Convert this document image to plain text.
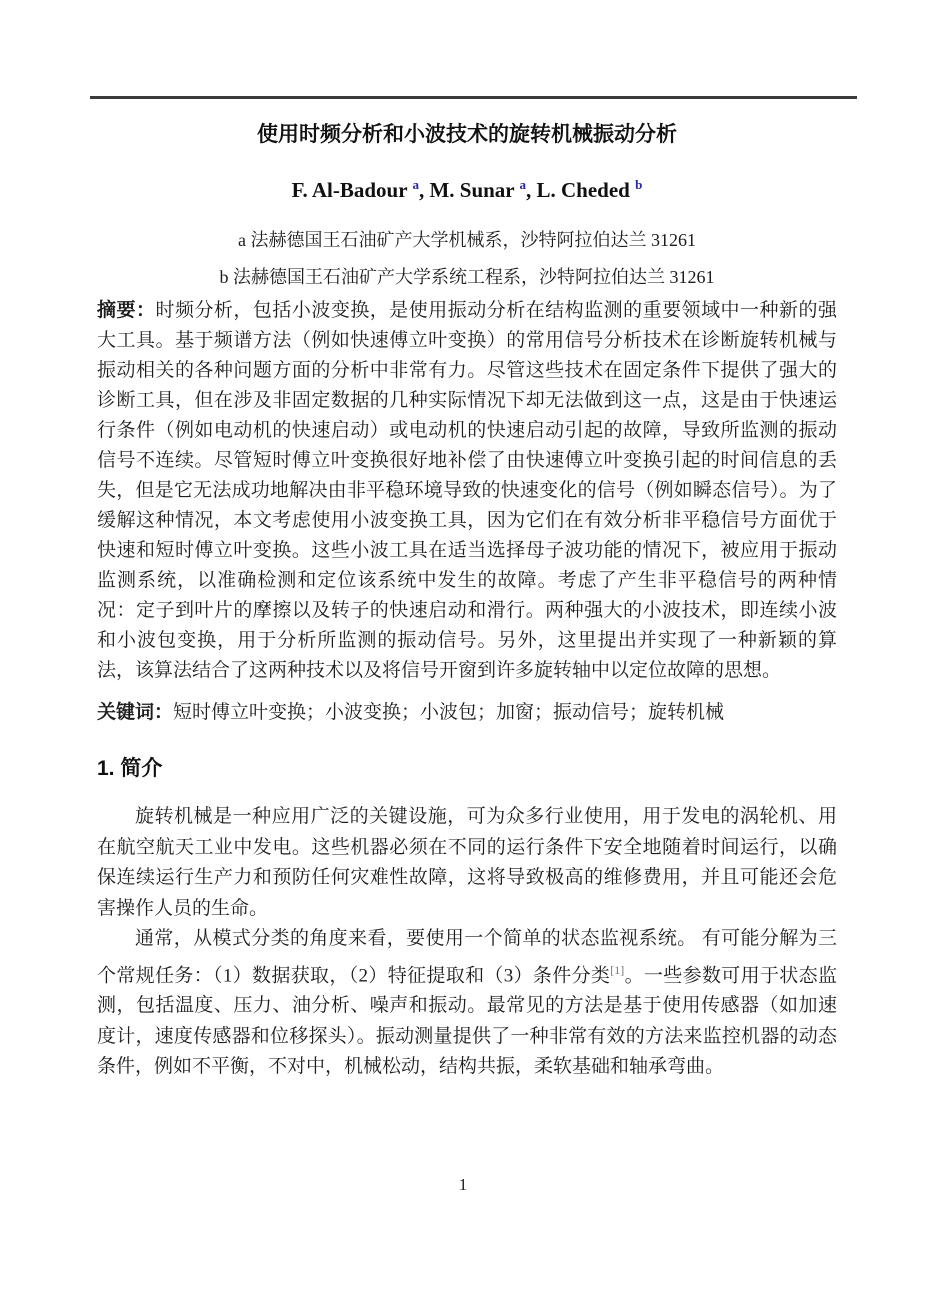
使用时频分析和小波技术的旋转机械振动分析
F. Al-Badour $^a$, M. Sunar $^a$, L. Cheded $^b$
a 法赫德国王石油矿产大学机械系，沙特阿拉伯达兰 31261
b 法赫德国王石油矿产大学系统工程系，沙特阿拉伯达兰 31261

摘要：时频分析，包括小波变换，是使用振动分析在结构监测的重要领域中一种新的强大工具。基于频谱方法（例如快速傅立叶变换）的常用信号分析技术在诊断旋转机械与振动相关的各种问题方面的分析中非常有力。尽管这些技术在固定条件下提供了强大的诊断工具，但在涉及非固定数据的几种实际情况下却无法做到这一点，这是由于快速运行条件（例如电动机的快速启动）或电动机的快速启动引起的故障，导致所监测的振动信号不连续。尽管短时傅立叶变换很好地补偿了由快速傅立叶变换引起的时间信息的丢失，但是它无法成功地解决由非平稳环境导致的快速变化的信号（例如瞬态信号）。为了缓解这种情况，本文考虑使用小波变换工具，因为它们在有效分析非平稳信号方面优于快速和短时傅立叶变换。这些小波工具在适当选择母子波功能的情况下，被应用于振动监测系统，以准确检测和定位该系统中发生的故障。考虑了产生非平稳信号的两种情况：定子到叶片的摩擦以及转子的快速启动和滑行。两种强大的小波技术，即连续小波和小波包变换，用于分析所监测的振动信号。另外，这里提出并实现了一种新颖的算法，该算法结合了这两种技术以及将信号开窗到许多旋转轴中以定位故障的思想。

关键词：短时傅立叶变换；小波变换；小波包；加窗；振动信号；旋转机械

1. 简介

旋转机械是一种应用广泛的关键设施，可为众多行业使用，用于发电的涡轮机、用在航空航天工业中发电。这些机器必须在不同的运行条件下安全地随着时间运行，以确保连续运行生产力和预防任何灾难性故障，这将导致极高的维修费用，并且可能还会危害操作人员的生命。

通常，从模式分类的角度来看，要使用一个简单的状态监视系统。 有可能分解为三个常规任务：（1）数据获取，（2）特征提取和（3）条件分类[1]。一些参数可用于状态监测，包括温度、压力、油分析、噪声和振动。最常见的方法是基于使用传感器（如加速度计，速度传感器和位移探头）。振动测量提供了一种非常有效的方法来监控机器的动态条件，例如不平衡，不对中，机械松动，结构共振，柔软基础和轴承弯曲。

1
